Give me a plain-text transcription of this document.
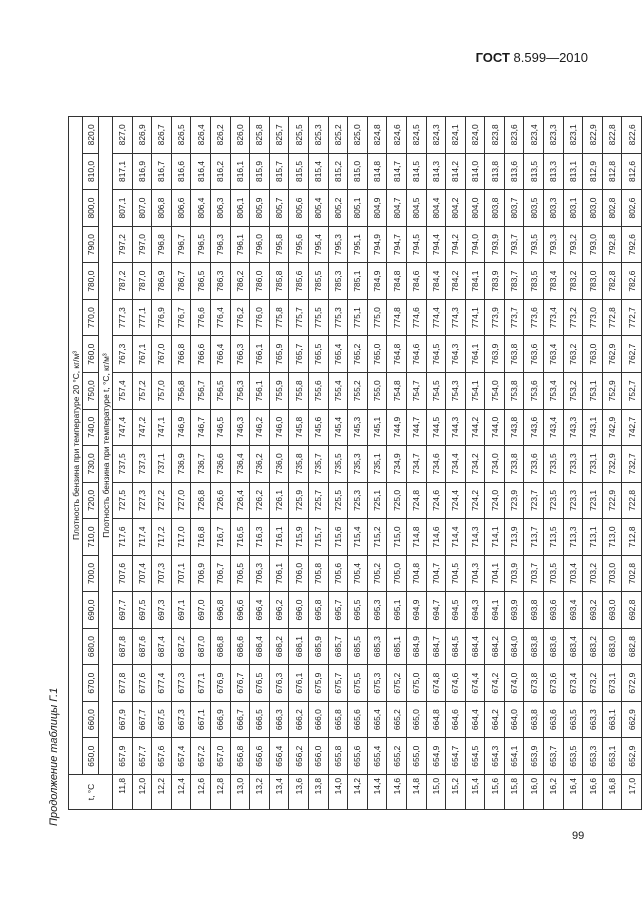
ГОСТ 8.599—2010
Продолжение таблицы Г.1	t, °C	Плотность бензина при температуре 20 °С, кг/м³																	
	650,0	660,0	670,0	680,0	690,0	700,0	710,0	720,0	730,0	740,0	750,0	760,0	770,0	780,0	790,0	800,0	810,0	820,0
	Плотность бензина при температуре t, °С, кг/м³																	
11,8	657,9	667,9	677,8	687,8	697,7	707,6	717,6	727,5	737,5	747,4	757,4	767,3	777,3	787,2	797,2	807,1	817,1	827,0
12,0	657,7	667,7	677,6	687,6	697,5	707,4	717,4	727,3	737,3	747,2	757,2	767,1	777,1	787,0	797,0	807,0	816,9	826,9
12,2	657,6	667,5	677,4	687,4	697,3	707,3	717,2	727,2	737,1	747,1	757,0	767,0	776,9	786,9	796,8	806,8	816,7	826,7
12,4	657,4	667,3	677,3	687,2	697,1	707,1	717,0	727,0	736,9	746,9	756,8	766,8	776,7	786,7	796,7	806,6	816,6	826,5
12,6	657,2	667,1	677,1	687,0	697,0	706,9	716,8	726,8	736,7	746,7	756,7	766,6	776,6	786,5	796,5	806,4	816,4	826,4
12,8	657,0	666,9	676,9	686,8	696,8	706,7	716,7	726,6	736,6	746,5	756,5	766,4	776,4	786,3	796,3	806,3	816,2	826,2
13,0	656,8	666,7	676,7	686,6	696,6	706,5	716,5	726,4	736,4	746,3	756,3	766,3	776,2	786,2	796,1	806,1	816,1	826,0
13,2	656,6	666,5	676,5	686,4	696,4	706,3	716,3	726,2	736,2	746,2	756,1	766,1	776,0	786,0	796,0	805,9	815,9	825,8
13,4	656,4	666,3	676,3	686,2	696,2	706,1	716,1	726,1	736,0	746,0	755,9	765,9	775,8	785,8	795,8	805,7	815,7	825,7
13,6	656,2	666,2	676,1	686,1	696,0	706,0	715,9	725,9	735,8	745,8	755,8	765,7	775,7	785,6	795,6	805,6	815,5	825,5
13,8	656,0	666,0	675,9	685,9	695,8	705,8	715,7	725,7	735,7	745,6	755,6	765,5	775,5	785,5	795,4	805,4	815,4	825,3
14,0	655,8	665,8	675,7	685,7	695,7	705,6	715,6	725,5	735,5	745,4	755,4	765,4	775,3	785,3	795,3	805,2	815,2	825,2
14,2	655,6	665,6	675,5	685,5	695,5	705,4	715,4	725,3	735,3	745,3	755,2	765,2	775,1	785,1	795,1	805,1	815,0	825,0
14,4	655,4	665,4	675,3	685,3	695,3	705,2	715,2	725,1	735,1	745,1	755,0	765,0	775,0	784,9	794,9	804,9	814,8	824,8
14,6	655,2	665,2	675,2	685,1	695,1	705,0	715,0	725,0	734,9	744,9	754,8	764,8	774,8	784,8	794,7	804,7	814,7	824,6
14,8	655,0	665,0	675,0	684,9	694,9	704,8	714,8	724,8	734,7	744,7	754,7	764,6	774,6	784,6	794,5	804,5	814,5	824,5
15,0	654,9	664,8	674,8	684,7	694,7	704,7	714,6	724,6	734,6	744,5	754,5	764,5	774,4	784,4	794,4	804,4	814,3	824,3
15,2	654,7	664,6	674,6	684,5	694,5	704,5	714,4	724,4	734,4	744,3	754,3	764,3	774,3	784,2	794,2	804,2	814,2	824,1
15,4	654,5	664,4	674,4	684,4	694,3	704,3	714,3	724,2	734,2	744,2	754,1	764,1	774,1	784,1	794,0	804,0	814,0	824,0
15,6	654,3	664,2	674,2	684,2	694,1	704,1	714,1	724,0	734,0	744,0	754,0	763,9	773,9	783,9	793,9	803,8	813,8	823,8
15,8	654,1	664,0	674,0	684,0	693,9	703,9	713,9	723,9	733,8	743,8	753,8	763,8	773,7	783,7	793,7	803,7	813,6	823,6
16,0	653,9	663,8	673,8	683,8	693,8	703,7	713,7	723,7	733,6	743,6	753,6	763,6	773,6	783,5	793,5	803,5	813,5	823,4
16,2	653,7	663,6	673,6	683,6	693,6	703,5	713,5	723,5	733,5	743,4	753,4	763,4	773,4	783,4	793,3	803,3	813,3	823,3
16,4	653,5	663,5	673,4	683,4	693,4	703,4	713,3	723,3	733,3	743,3	753,2	763,2	773,2	783,2	793,2	803,1	813,1	823,1
16,6	653,3	663,3	673,2	683,2	693,2	703,2	713,1	723,1	733,1	743,1	753,1	763,0	773,0	783,0	793,0	803,0	812,9	822,9
16,8	653,1	663,1	673,1	683,0	693,0	703,0	713,0	722,9	732,9	742,9	752,9	762,9	772,8	782,8	792,8	802,8	812,8	822,8
17,0	652,9	662,9	672,9	682,8	692,8	702,8	712,8	722,8	732,7	742,7	752,7	762,7	772,7	782,6	792,6	802,6	812,6	822,6
99
